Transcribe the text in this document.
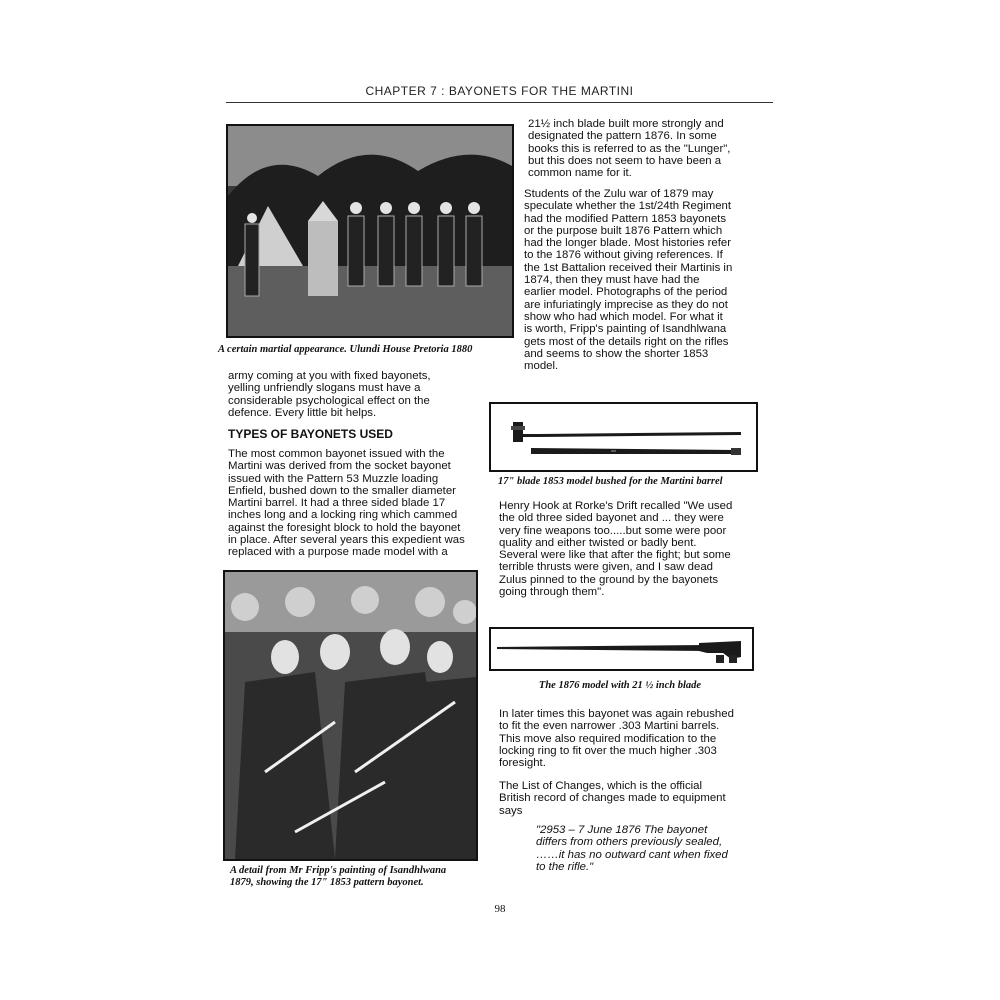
CHAPTER 7 : BAYONETS FOR THE MARTINI
A certain martial appearance. Ulundi House Pretoria 1880

army coming at you with fixed bayonets,

yelling unfriendly slogans must have a

considerable psychological effect on the

defence. Every little bit helps.

TYPES OF BAYONETS USED

The most common bayonet issued with the

Martini was derived from the socket bayonet

issued with the Pattern 53 Muzzle loading

Enfield, bushed down to the smaller diameter

Martini barrel. It had a three sided blade 17

inches long and a locking ring which cammed

against the foresight block to hold the bayonet

in place. After several years this expedient was

replaced with a purpose made model with a

A detail from Mr Fripp's painting of Isandhlwana
1879, showing the 17" 1853 pattern bayonet.

21½ inch blade built more strongly and

designated the pattern 1876. In some

books this is referred to as the "Lunger",

but this does not seem to have been a

common name for it.

Students of the Zulu war of 1879 may

speculate whether the 1st/24th Regiment

had the modified Pattern 1853 bayonets

or the purpose built 1876 Pattern which

had the longer blade. Most histories refer

to the 1876 without giving references. If

the 1st Battalion received their Martinis in

1874, then they must have had the

earlier model. Photographs of the period

are infuriatingly imprecise as they do not

show who had which model. For what it

is worth, Fripp's painting of Isandhlwana

gets most of the details right on the rifles

and seems to show the shorter 1853

model.

17" blade 1853 model bushed for the Martini barrel

Henry Hook at Rorke's Drift recalled "We used

the old three sided bayonet and ... they were

very fine weapons too.....but some were poor

quality and either twisted or badly bent.

Several were like that after the fight; but some

terrible thrusts were given, and I saw dead

Zulus pinned to the ground by the bayonets

going through them".

The 1876 model with 21 ½ inch blade

In later times this bayonet was again rebushed

to fit the even narrower .303 Martini barrels.

This move also required modification to the

locking ring to fit over the much higher .303

foresight.

The List of Changes, which is the official

British record of changes made to equipment

says

"2953 – 7 June 1876 The bayonet

differs from others previously sealed,

……it has no outward cant when fixed

to the rifle."

98
